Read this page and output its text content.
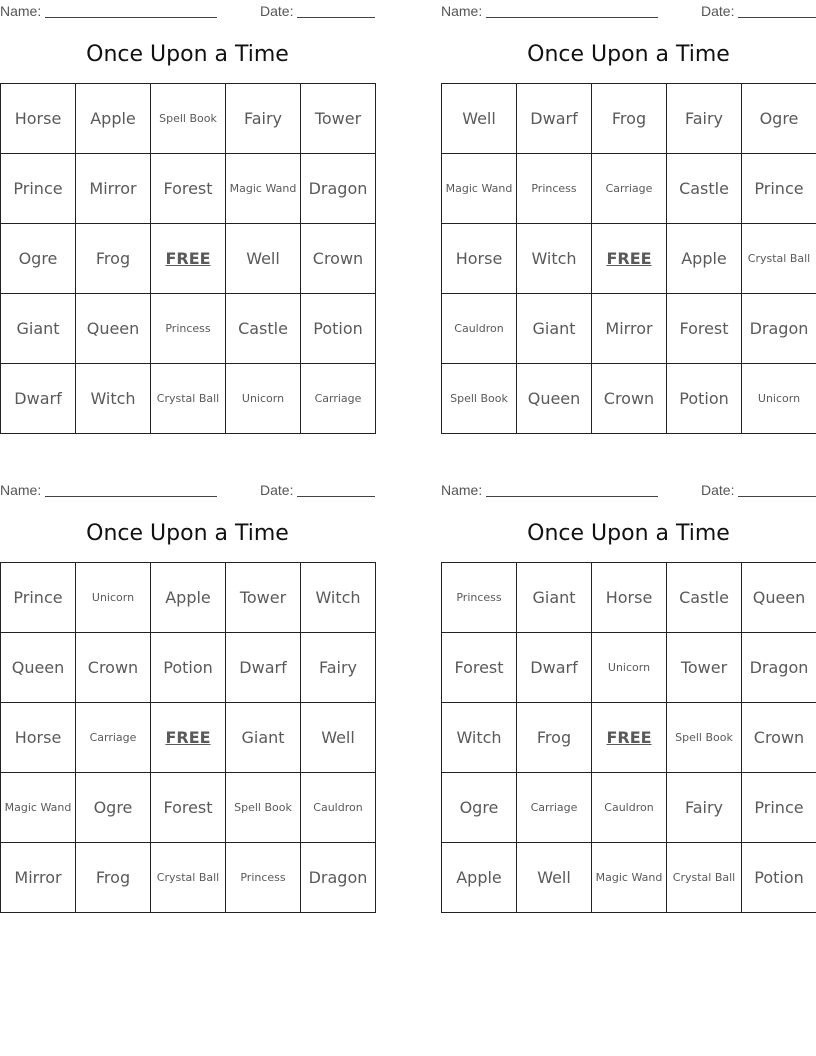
Name:	Date:
Once Upon a Time
Horse	Apple	Spell Book	Fairy	Tower
Prince	Mirror	Forest	Magic Wand	Dragon
Ogre	Frog	FREE	Well	Crown
Giant	Queen	Princess	Castle	Potion
Dwarf	Witch	Crystal Ball	Unicorn	Carriage
Name:	Date:
Once Upon a Time
Well	Dwarf	Frog	Fairy	Ogre
Magic Wand	Princess	Carriage	Castle	Prince
Horse	Witch	FREE	Apple	Crystal Ball
Cauldron	Giant	Mirror	Forest	Dragon
Spell Book	Queen	Crown	Potion	Unicorn
Name:	Date:
Once Upon a Time
Prince	Unicorn	Apple	Tower	Witch
Queen	Crown	Potion	Dwarf	Fairy
Horse	Carriage	FREE	Giant	Well
Magic Wand	Ogre	Forest	Spell Book	Cauldron
Mirror	Frog	Crystal Ball	Princess	Dragon
Name:	Date:
Once Upon a Time
Princess	Giant	Horse	Castle	Queen
Forest	Dwarf	Unicorn	Tower	Dragon
Witch	Frog	FREE	Spell Book	Crown
Ogre	Carriage	Cauldron	Fairy	Prince
Apple	Well	Magic Wand	Crystal Ball	Potion
